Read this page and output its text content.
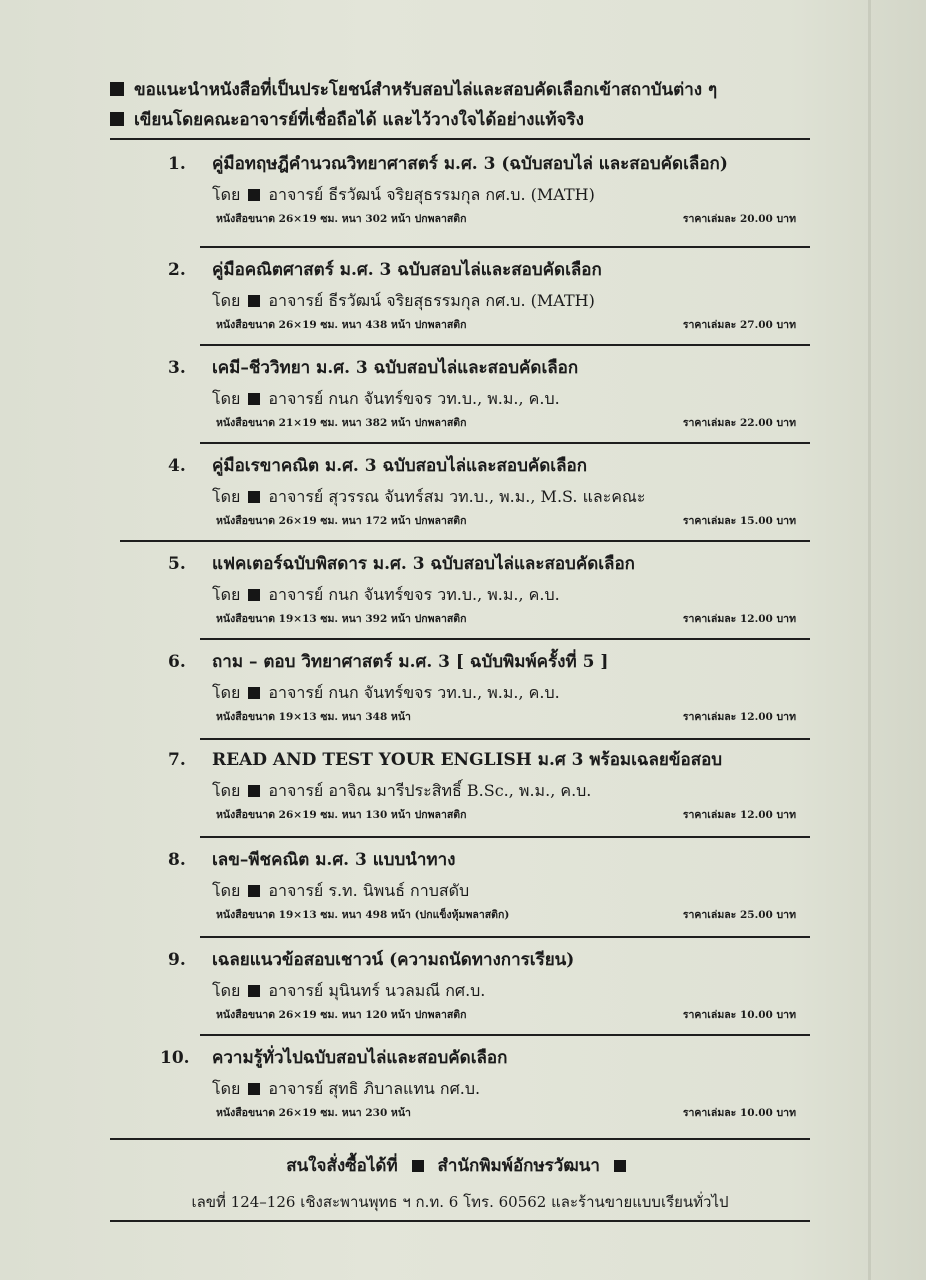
ขอแนะนำหนังสือที่เป็นประโยชน์สำหรับสอบไล่และสอบคัดเลือกเข้าสถาบันต่าง ๆ
เขียนโดยคณะอาจารย์ที่เชื่อถือได้ และไว้วางใจได้อย่างแท้จริง
1.	คู่มือทฤษฎีคำนวณวิทยาศาสตร์ ม.ศ. 3 (ฉบับสอบไล่ และสอบคัดเลือก)
โดย อาจารย์ ธีรวัฒน์ จริยสุธรรมกุล กศ.บ. (MATH)
หนังสือขนาด 26×19 ซม. หนา 302 หน้า ปกพลาสติก	ราคาเล่มละ 20.00 บาท
2.	คู่มือคณิตศาสตร์ ม.ศ. 3 ฉบับสอบไล่และสอบคัดเลือก
โดย อาจารย์ ธีรวัฒน์ จริยสุธรรมกุล กศ.บ. (MATH)
หนังสือขนาด 26×19 ซม. หนา 438 หน้า ปกพลาสติก	ราคาเล่มละ 27.00 บาท
3.	เคมี–ชีววิทยา ม.ศ. 3 ฉบับสอบไล่และสอบคัดเลือก
โดย อาจารย์ กนก จันทร์ขจร วท.บ., พ.ม., ค.บ.
หนังสือขนาด 21×19 ซม. หนา 382 หน้า ปกพลาสติก	ราคาเล่มละ 22.00 บาท
4.	คู่มือเรขาคณิต ม.ศ. 3 ฉบับสอบไล่และสอบคัดเลือก
โดย อาจารย์ สุวรรณ จันทร์สม วท.บ., พ.ม., M.S. และคณะ
หนังสือขนาด 26×19 ซม. หนา 172 หน้า ปกพลาสติก	ราคาเล่มละ 15.00 บาท
5.	แฟคเตอร์ฉบับพิสดาร ม.ศ. 3 ฉบับสอบไล่และสอบคัดเลือก
โดย อาจารย์ กนก จันทร์ขจร วท.บ., พ.ม., ค.บ.
หนังสือขนาด 19×13 ซม. หนา 392 หน้า ปกพลาสติก	ราคาเล่มละ 12.00 บาท
6.	ถาม – ตอบ วิทยาศาสตร์ ม.ศ. 3 [ ฉบับพิมพ์ครั้งที่ 5 ]
โดย อาจารย์ กนก จันทร์ขจร วท.บ., พ.ม., ค.บ.
หนังสือขนาด 19×13 ซม. หนา 348 หน้า	ราคาเล่มละ 12.00 บาท
7.	READ AND TEST YOUR ENGLISH ม.ศ 3 พร้อมเฉลยข้อสอบ
โดย อาจารย์ อาจิณ มารีประสิทธิ์ B.Sc., พ.ม., ค.บ.
หนังสือขนาด 26×19 ซม. หนา 130 หน้า ปกพลาสติก	ราคาเล่มละ 12.00 บาท
8.	เลข–พีชคณิต ม.ศ. 3 แบบนำทาง
โดย อาจารย์ ร.ท. นิพนธ์ กาบสดับ
หนังสือขนาด 19×13 ซม. หนา 498 หน้า (ปกแข็งหุ้มพลาสติก)	ราคาเล่มละ 25.00 บาท
9.	เฉลยแนวข้อสอบเชาวน์ (ความถนัดทางการเรียน)
โดย อาจารย์ มุนินทร์ นวลมณี กศ.บ.
หนังสือขนาด 26×19 ซม. หนา 120 หน้า ปกพลาสติก	ราคาเล่มละ 10.00 บาท
10.	ความรู้ทั่วไปฉบับสอบไล่และสอบคัดเลือก
โดย อาจารย์ สุทธิ ภิบาลแทน กศ.บ.
หนังสือขนาด 26×19 ซม. หนา 230 หน้า	ราคาเล่มละ 10.00 บาท
สนใจสั่งซื้อได้ที่ สำนักพิมพ์อักษรวัฒนา
เลขที่ 124–126 เชิงสะพานพุทธ ฯ ก.ท. 6 โทร. 60562 และร้านขายแบบเรียนทั่วไป
